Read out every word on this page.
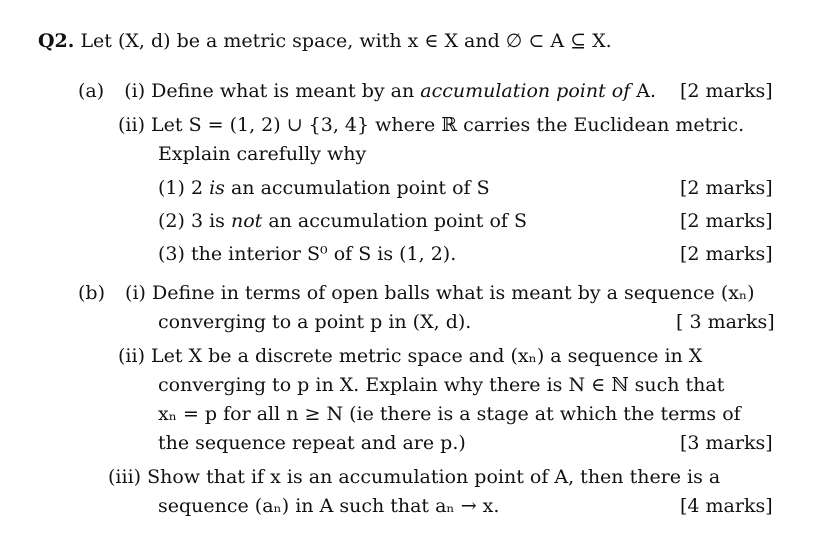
Q2. Let (X, d) be a metric space, with x ∈ X and ∅ ⊂ A ⊆ X.
(a) (i) Define what is meant by an accumulation point of A. [2 marks]
(ii) Let S = (1, 2) ∪ {3, 4} where ℝ carries the Euclidean metric.
Explain carefully why
(1) 2 is an accumulation point of S	[2 marks]
(2) 3 is not an accumulation point of S	[2 marks]
(3) the interior S⁰ of S is (1, 2).	[2 marks]
(b) (i) Define in terms of open balls what is meant by a sequence (xₙ)
converging to a point p in (X, d).	[ 3 marks]
(ii) Let X be a discrete metric space and (xₙ) a sequence in X
converging to p in X. Explain why there is N ∈ ℕ such that
xₙ = p for all n ≥ N (ie there is a stage at which the terms of
the sequence repeat and are p.)	[3 marks]
(iii) Show that if x is an accumulation point of A, then there is a
sequence (aₙ) in A such that aₙ → x.	[4 marks]
